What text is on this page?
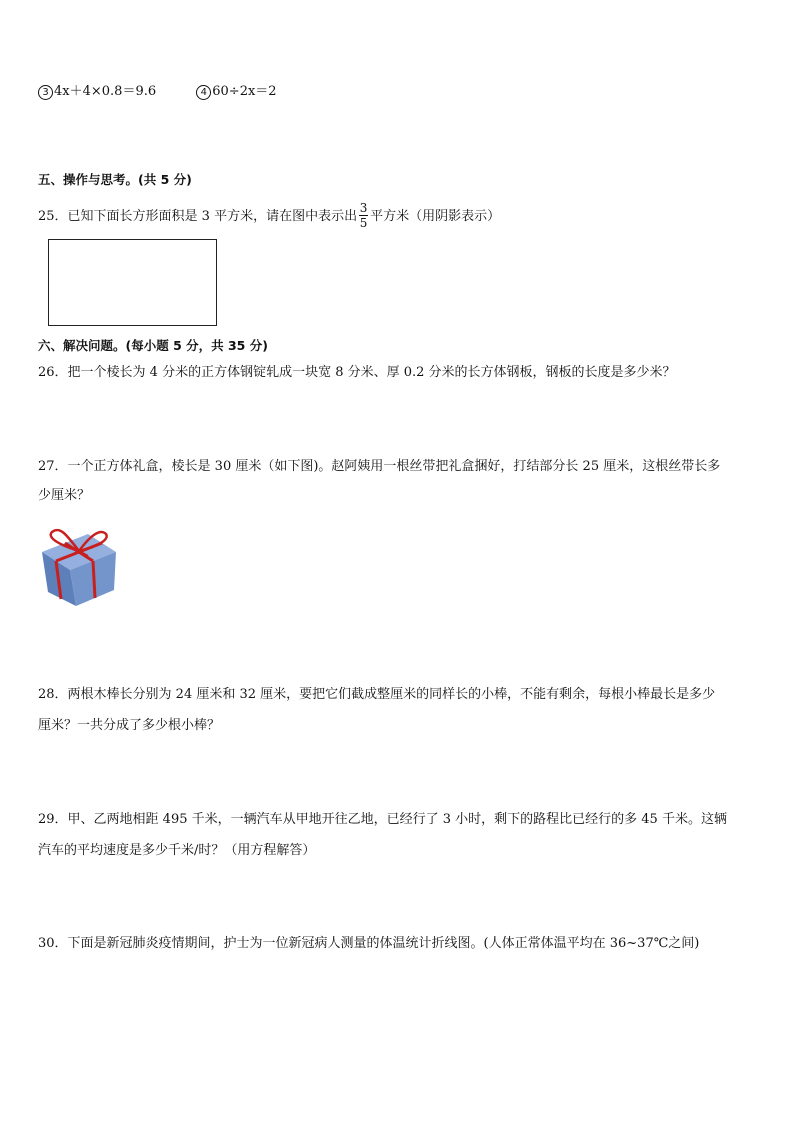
3 4x＋4×0.8＝9.6	4 60÷2x＝2
五、操作与思考。(共 5 分)
25．已知下面长方形面积是 3 平方米，请在图中表示出 $\frac{3}{5}$ 平方米（用阴影表示）
六、解决问题。(每小题 5 分，共 35 分)
26．把一个棱长为 4 分米的正方体钢锭轧成一块宽 8 分米、厚 0.2 分米的长方体钢板，钢板的长度是多少米？
27．一个正方体礼盒，棱长是 30 厘米（如下图)。赵阿姨用一根丝带把礼盒捆好，打结部分长 25 厘米，这根丝带长多
少厘米？
28．两根木棒长分别为 24 厘米和 32 厘米，要把它们截成整厘米的同样长的小棒，不能有剩余，每根小棒最长是多少
厘米？一共分成了多少根小棒？
29．甲、乙两地相距 495 千米，一辆汽车从甲地开往乙地，已经行了 3 小时，剩下的路程比已经行的多 45 千米。这辆
汽车的平均速度是多少千米/时？（用方程解答）
30．下面是新冠肺炎疫情期间，护士为一位新冠病人测量的体温统计折线图。(人体正常体温平均在 36~37℃之间)
